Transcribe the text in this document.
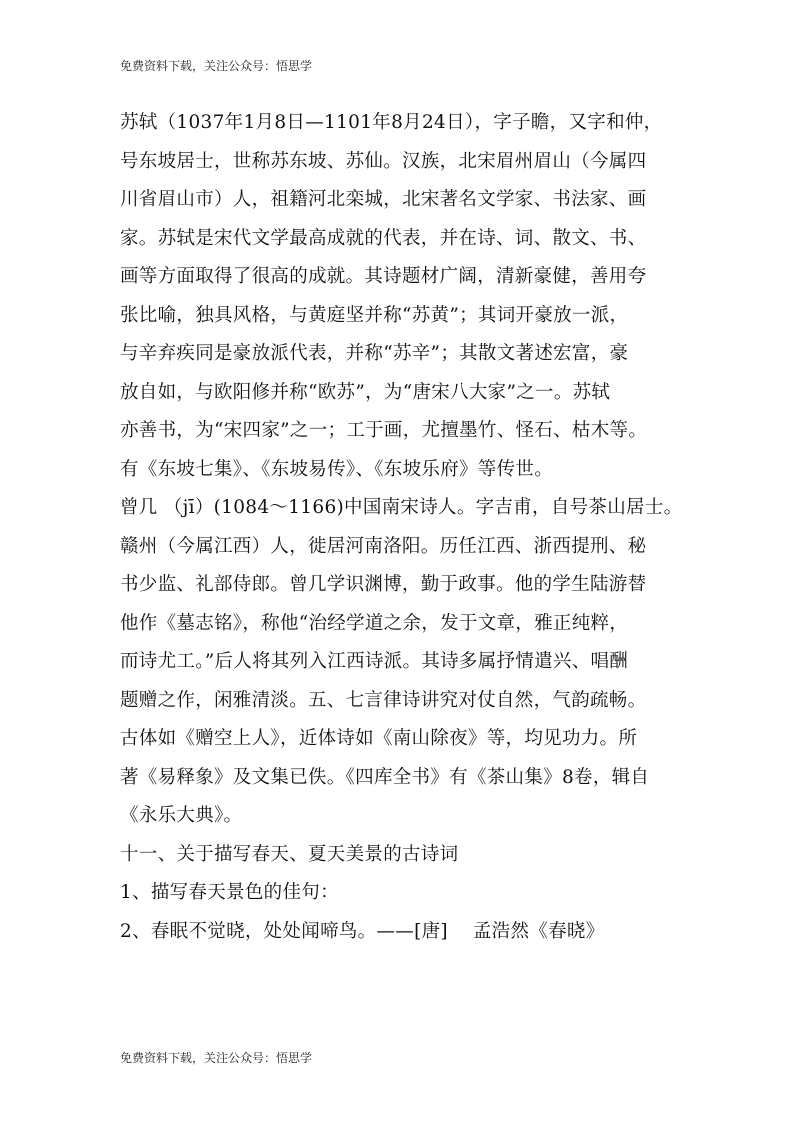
免费资料下载，关注公众号：悟思学
苏轼（1037年1月8日—1101年8月24日），字子瞻，又字和仲，
号东坡居士，世称苏东坡、苏仙。汉族，北宋眉州眉山（今属四
川省眉山市）人，祖籍河北栾城，北宋著名文学家、书法家、画
家。苏轼是宋代文学最高成就的代表，并在诗、词、散文、书、
画等方面取得了很高的成就。其诗题材广阔，清新豪健，善用夸
张比喻，独具风格，与黄庭坚并称“苏黄”；其词开豪放一派，
与辛弃疾同是豪放派代表，并称“苏辛”；其散文著述宏富，豪
放自如，与欧阳修并称“欧苏”，为“唐宋八大家”之一。苏轼
亦善书，为“宋四家”之一；工于画，尤擅墨竹、怪石、枯木等。
有《东坡七集》、《东坡易传》、《东坡乐府》等传世。
曾几 （jī）(1084～1166)中国南宋诗人。字吉甫，自号茶山居士。
赣州（今属江西）人，徙居河南洛阳。历任江西、浙西提刑、秘
书少监、礼部侍郎。曾几学识渊博，勤于政事。他的学生陆游替
他作《墓志铭》，称他“治经学道之余，发于文章，雅正纯粹，
而诗尤工。”后人将其列入江西诗派。其诗多属抒情遣兴、唱酬
题赠之作，闲雅清淡。五、七言律诗讲究对仗自然，气韵疏畅。
古体如《赠空上人》，近体诗如《南山除夜》等，均见功力。所
著《易释象》及文集已佚。《四库全书》有《茶山集》8卷，辑自
《永乐大典》。
十一、关于描写春天、夏天美景的古诗词
1、描写春天景色的佳句：
2、春眠不觉晓，处处闻啼鸟。——[唐]　 孟浩然《春晓》
免费资料下载，关注公众号：悟思学
